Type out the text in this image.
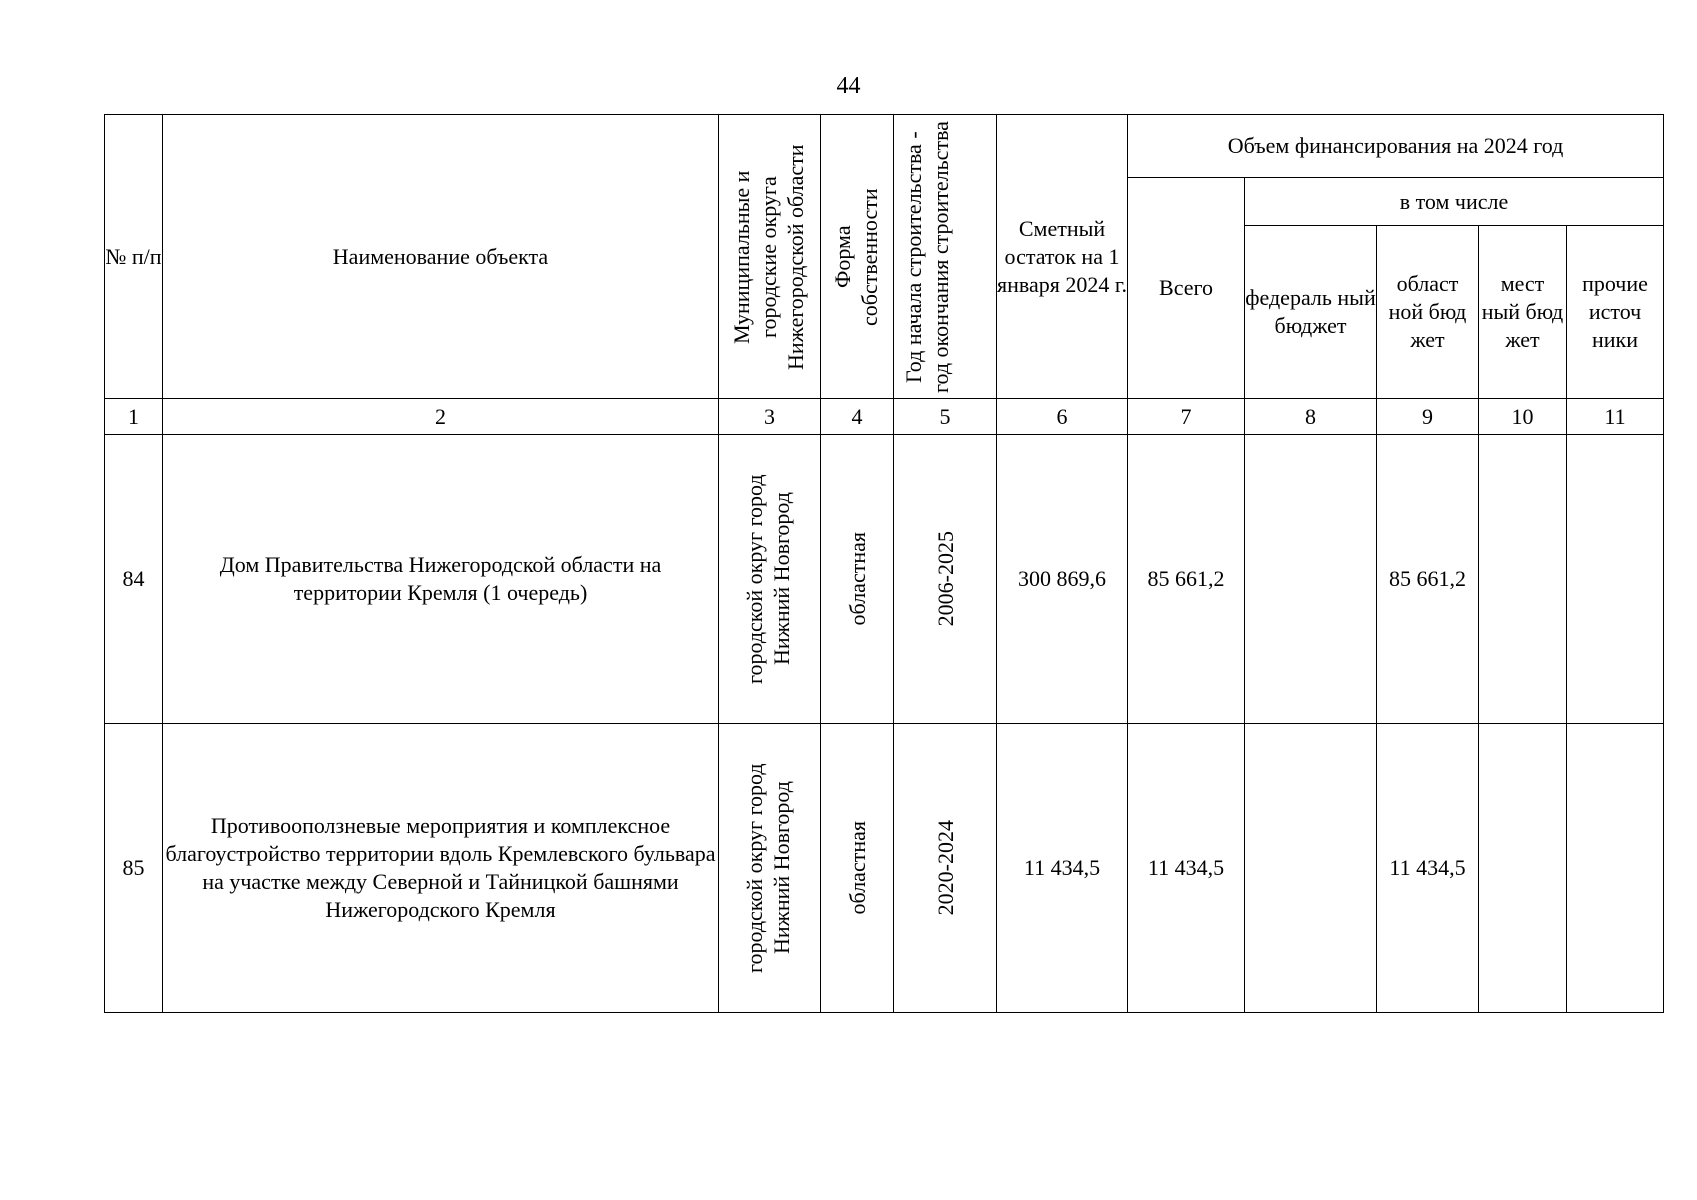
44
№ п/п	Наименование объекта	Муниципальные и городские округа Нижегородской области	Форма собственности	Год начала строительства - год окончания строительства	Сметный остаток на 1 января 2024 г.	Объем финансирования на 2024 год				
						Всего	в том числе			
							федераль ный бюджет	област ной бюд жет	мест ный бюд жет	прочие источ ники
1	2	3	4	5	6	7	8	9	10	11
84	Дом Правительства Нижегородской области на территории Кремля (1 очередь)	городской округ город Нижний Новгород	областная	2006-2025	300 869,6	85 661,2		85 661,2		
85	Противооползневые мероприятия и комплексное благоустройство территории вдоль Кремлевского бульвара на участке между Северной и Тайницкой башнями Нижегородского Кремля	городской округ город Нижний Новгород	областная	2020-2024	11 434,5	11 434,5		11 434,5		
